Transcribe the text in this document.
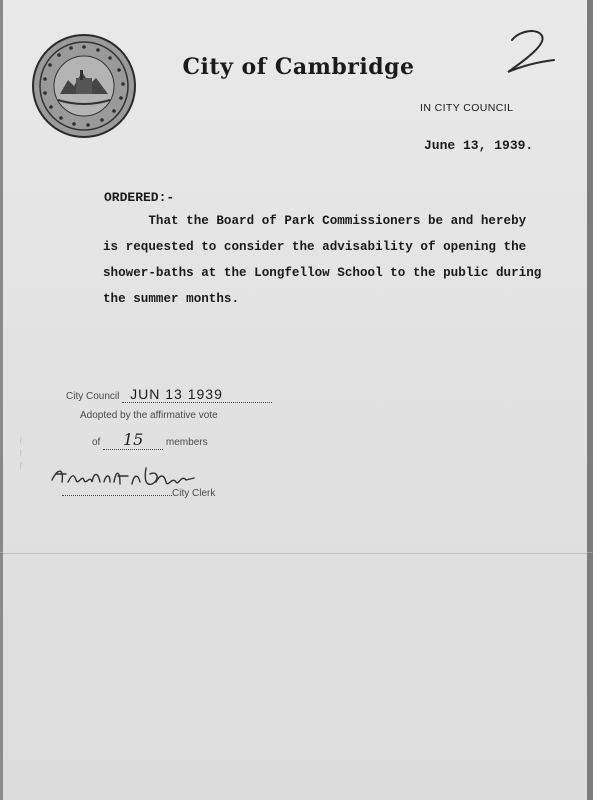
City of Cambridge
IN CITY COUNCIL
June 13, 1939.
ORDERED:-
That the Board of Park Commissioners be and hereby
is requested to consider the advisability of opening the
shower-baths at the Longfellow School to the public during
the summer months.
~ ~ ~
City Council JUN 13 1939
Adopted by the affirmative vote
of 15 members
City Clerk
